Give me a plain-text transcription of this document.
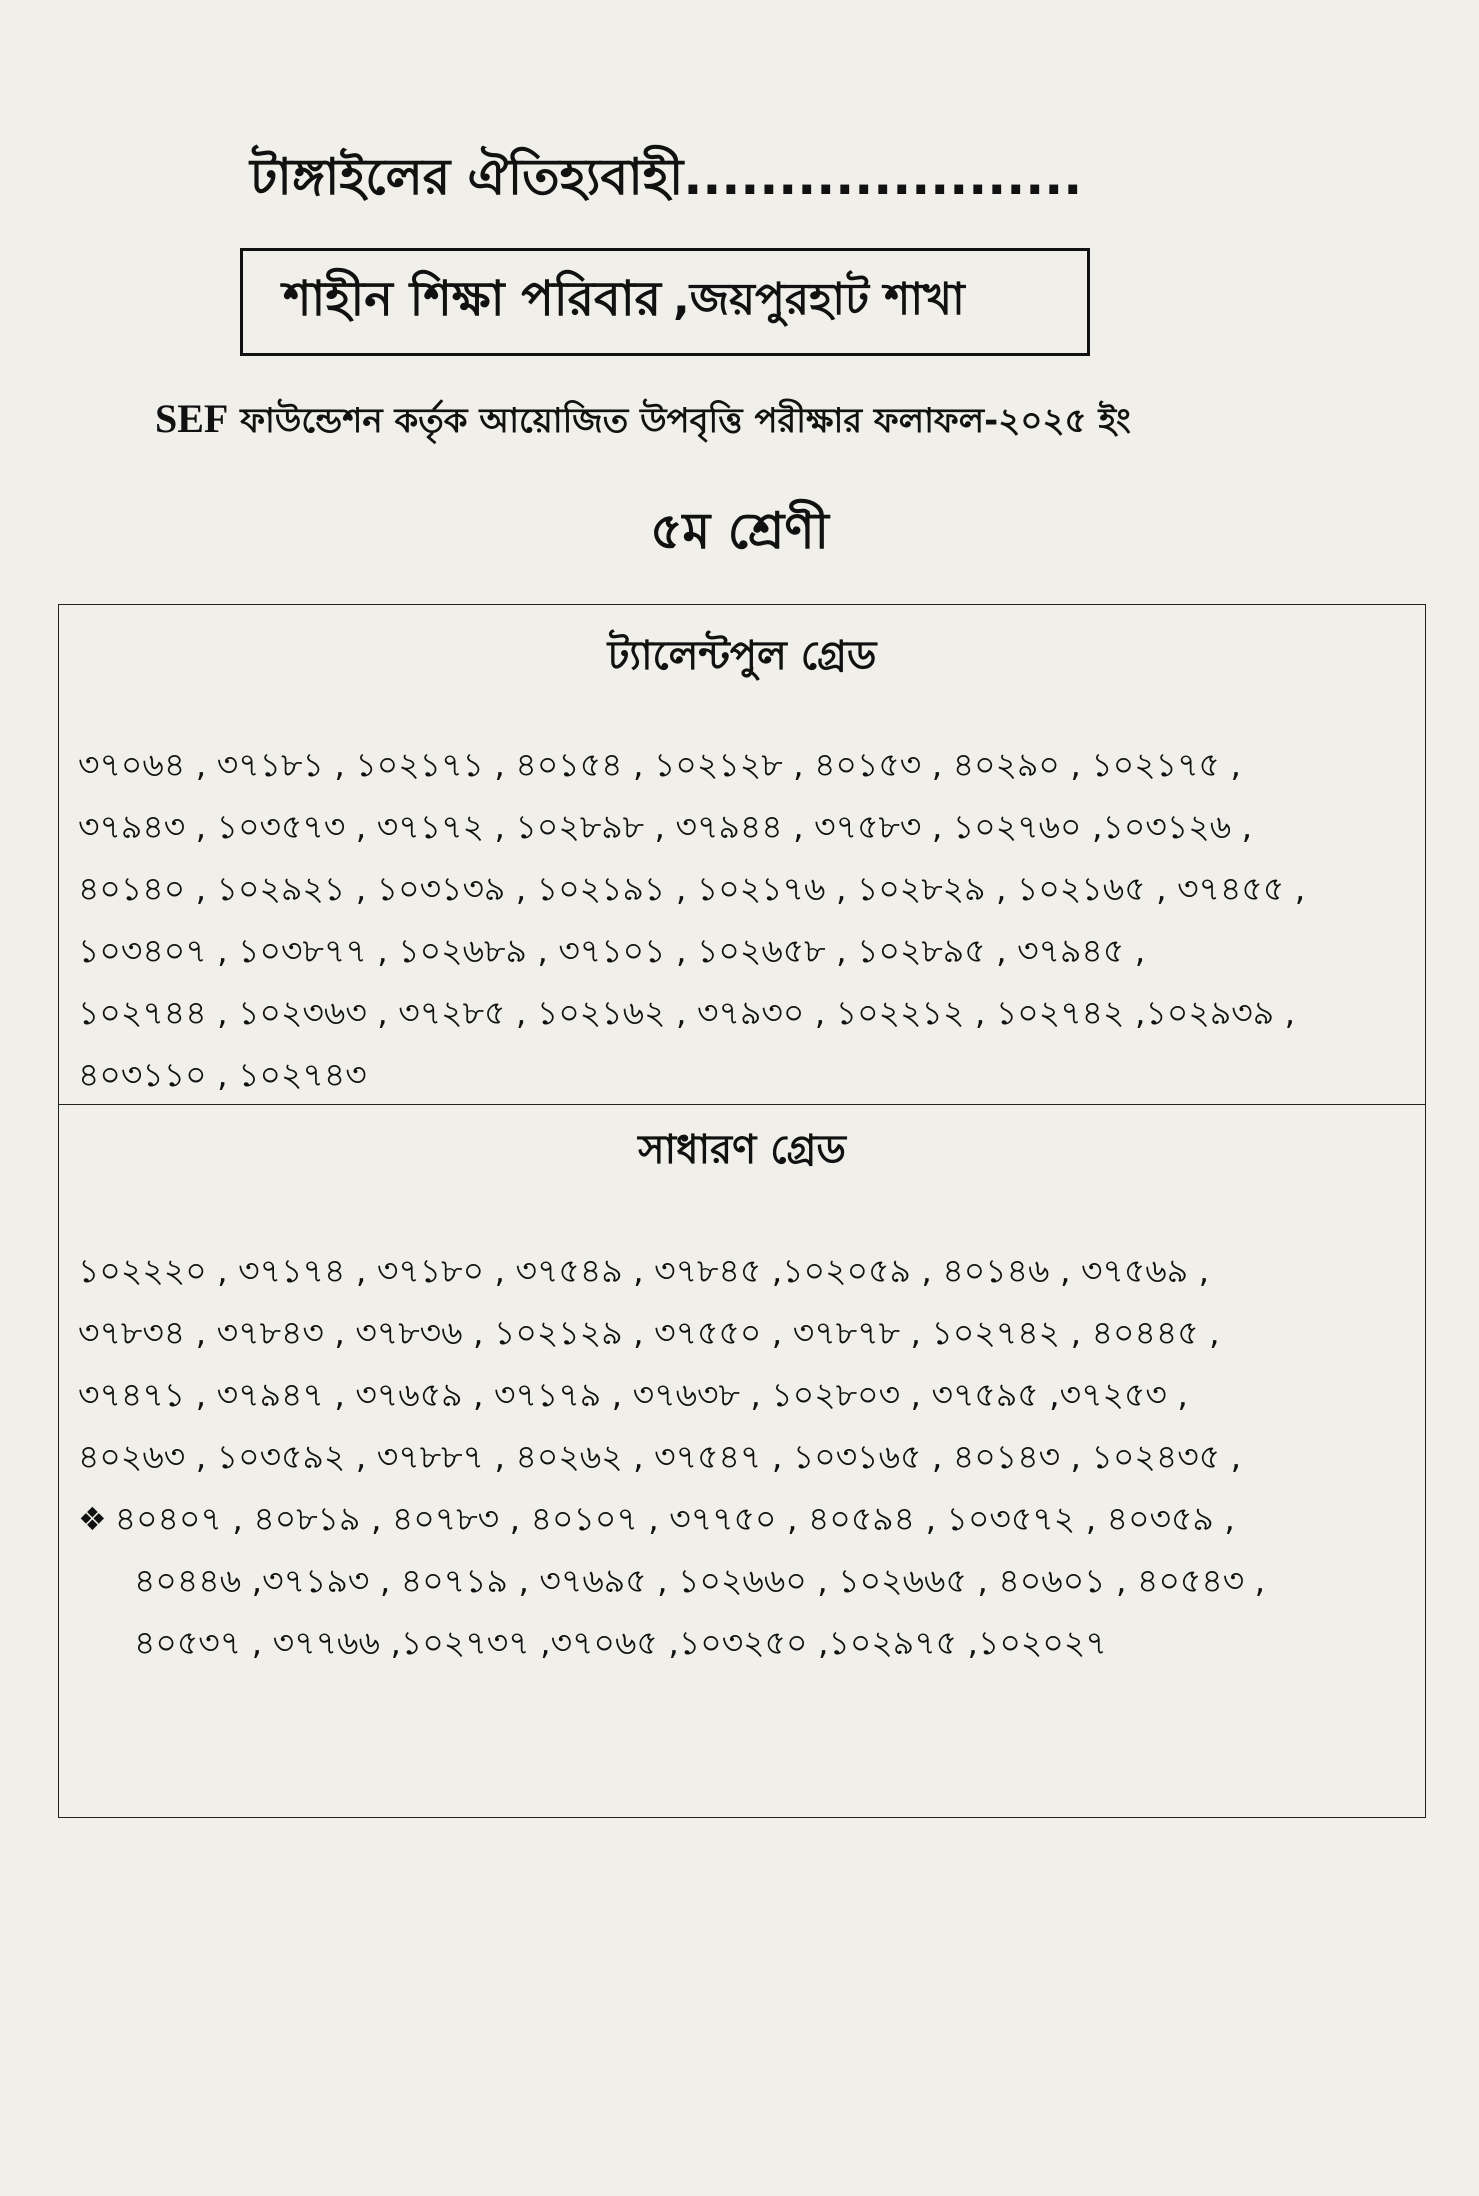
টাঙ্গাইলের ঐতিহ্যবাহী.....................
শাহীন শিক্ষা পরিবার ,জয়পুরহাট শাখা
SEF ফাউন্ডেশন কর্তৃক আয়োজিত উপবৃত্তি পরীক্ষার ফলাফল-২০২৫ ইং
৫ম শ্রেণী
ট্যালেন্টপুল গ্রেড
৩৭০৬৪ , ৩৭১৮১ , ১০২১৭১ , ৪০১৫৪ , ১০২১২৮ , ৪০১৫৩ , ৪০২৯০ , ১০২১৭৫ ,
৩৭৯৪৩ , ১০৩৫৭৩ , ৩৭১৭২ , ১০২৮৯৮ , ৩৭৯৪৪ , ৩৭৫৮৩ , ১০২৭৬০ ,১০৩১২৬ ,
৪০১৪০ , ১০২৯২১ , ১০৩১৩৯ , ১০২১৯১ , ১০২১৭৬ , ১০২৮২৯ , ১০২১৬৫ , ৩৭৪৫৫ ,
১০৩৪০৭ , ১০৩৮৭৭ , ১০২৬৮৯ , ৩৭১০১ , ১০২৬৫৮ , ১০২৮৯৫ , ৩৭৯৪৫ ,
১০২৭৪৪ , ১০২৩৬৩ , ৩৭২৮৫ , ১০২১৬২ , ৩৭৯৩০ , ১০২২১২ , ১০২৭৪২ ,১০২৯৩৯ ,
৪০৩১১০ , ১০২৭৪৩
সাধারণ গ্রেড
১০২২২০ , ৩৭১৭৪ , ৩৭১৮০ , ৩৭৫৪৯ , ৩৭৮৪৫ ,১০২০৫৯ , ৪০১৪৬ , ৩৭৫৬৯ ,
৩৭৮৩৪ , ৩৭৮৪৩ , ৩৭৮৩৬ , ১০২১২৯ , ৩৭৫৫০ , ৩৭৮৭৮ , ১০২৭৪২ , ৪০৪৪৫ ,
৩৭৪৭১ , ৩৭৯৪৭ , ৩৭৬৫৯ , ৩৭১৭৯ , ৩৭৬৩৮ , ১০২৮০৩ , ৩৭৫৯৫ ,৩৭২৫৩ ,
৪০২৬৩ , ১০৩৫৯২ , ৩৭৮৮৭ , ৪০২৬২ , ৩৭৫৪৭ , ১০৩১৬৫ , ৪০১৪৩ , ১০২৪৩৫ ,
❖ ৪০৪০৭ , ৪০৮১৯ , ৪০৭৮৩ , ৪০১০৭ , ৩৭৭৫০ , ৪০৫৯৪ , ১০৩৫৭২ , ৪০৩৫৯ ,
৪০৪৪৬ ,৩৭১৯৩ , ৪০৭১৯ , ৩৭৬৯৫ , ১০২৬৬০ , ১০২৬৬৫ , ৪০৬০১ , ৪০৫৪৩ ,
৪০৫৩৭ , ৩৭৭৬৬ ,১০২৭৩৭ ,৩৭০৬৫ ,১০৩২৫০ ,১০২৯৭৫ ,১০২০২৭
